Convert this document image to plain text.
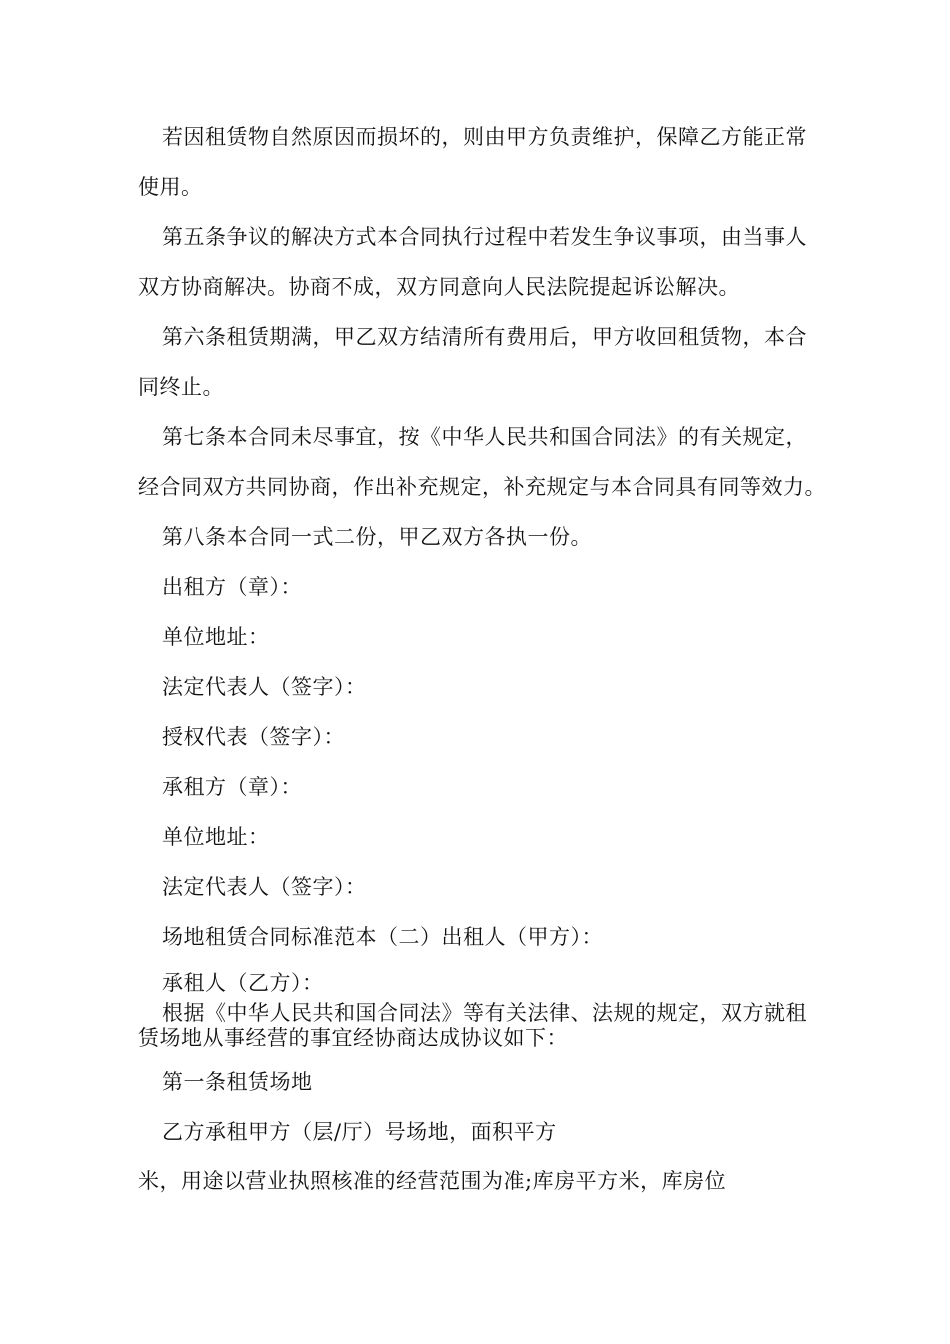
若因租赁物自然原因而损坏的，则由甲方负责维护，保障乙方能正常
使用。
第五条争议的解决方式本合同执行过程中若发生争议事项，由当事人
双方协商解决。协商不成，双方同意向人民法院提起诉讼解决。
第六条租赁期满，甲乙双方结清所有费用后，甲方收回租赁物，本合
同终止。
第七条本合同未尽事宜，按《中华人民共和国合同法》的有关规定，
经合同双方共同协商，作出补充规定，补充规定与本合同具有同等效力。
第八条本合同一式二份，甲乙双方各执一份。
出租方（章）：
单位地址：
法定代表人（签字）：
授权代表（签字）：
承租方（章）：
单位地址：
法定代表人（签字）：
场地租赁合同标准范本（二）出租人（甲方）：
承租人（乙方）：
根据《中华人民共和国合同法》等有关法律、法规的规定，双方就租赁场地从事经营的事宜经协商达成协议如下：
第一条租赁场地
乙方承租甲方（层/厅）号场地，面积平方
米，用途以营业执照核准的经营范围为准;库房平方米，库房位
